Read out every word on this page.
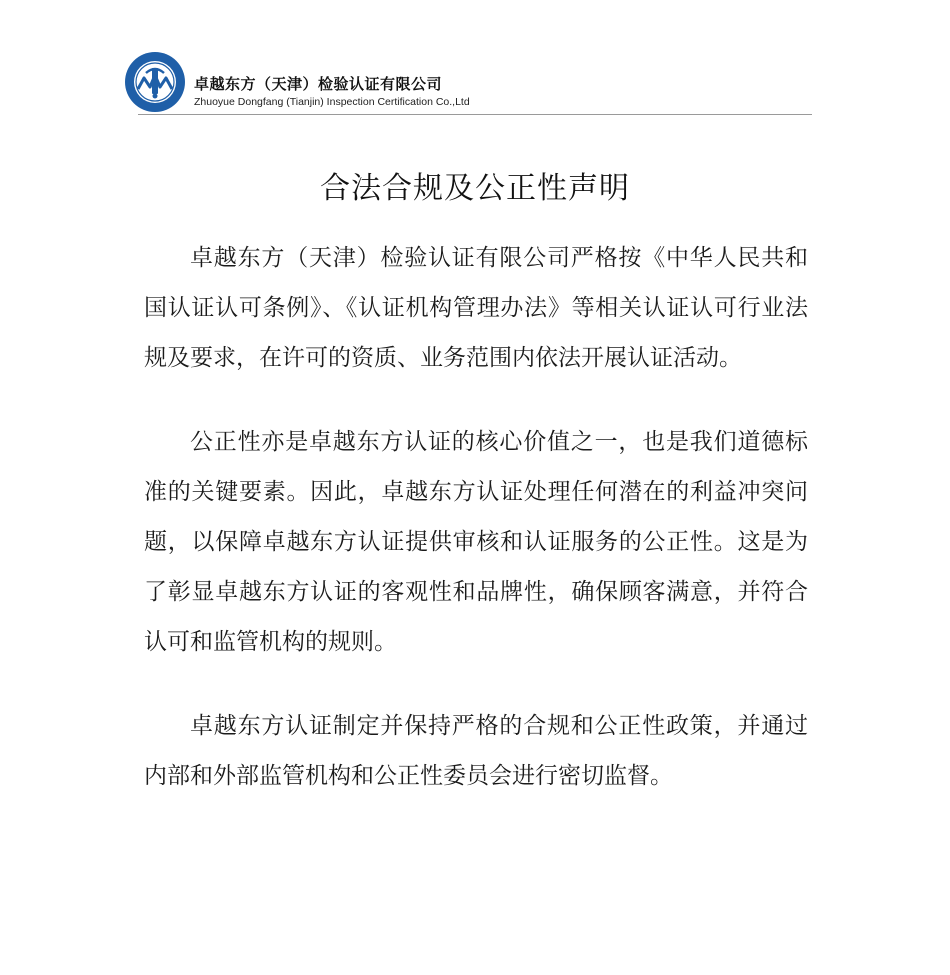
卓越东方（天津）检验认证有限公司
Zhuoyue Dongfang (Tianjin) Inspection Certification Co.,Ltd
合法合规及公正性声明

卓越东方（天津）检验认证有限公司严格按《中华人民共和国认证认可条例》、《认证机构管理办法》等相关认证认可行业法规及要求，在许可的资质、业务范围内依法开展认证活动。

公正性亦是卓越东方认证的核心价值之一，也是我们道德标准的关键要素。因此，卓越东方认证处理任何潜在的利益冲突问题，以保障卓越东方认证提供审核和认证服务的公正性。这是为了彰显卓越东方认证的客观性和品牌性，确保顾客满意，并符合认可和监管机构的规则。

卓越东方认证制定并保持严格的合规和公正性政策，并通过内部和外部监管机构和公正性委员会进行密切监督。
